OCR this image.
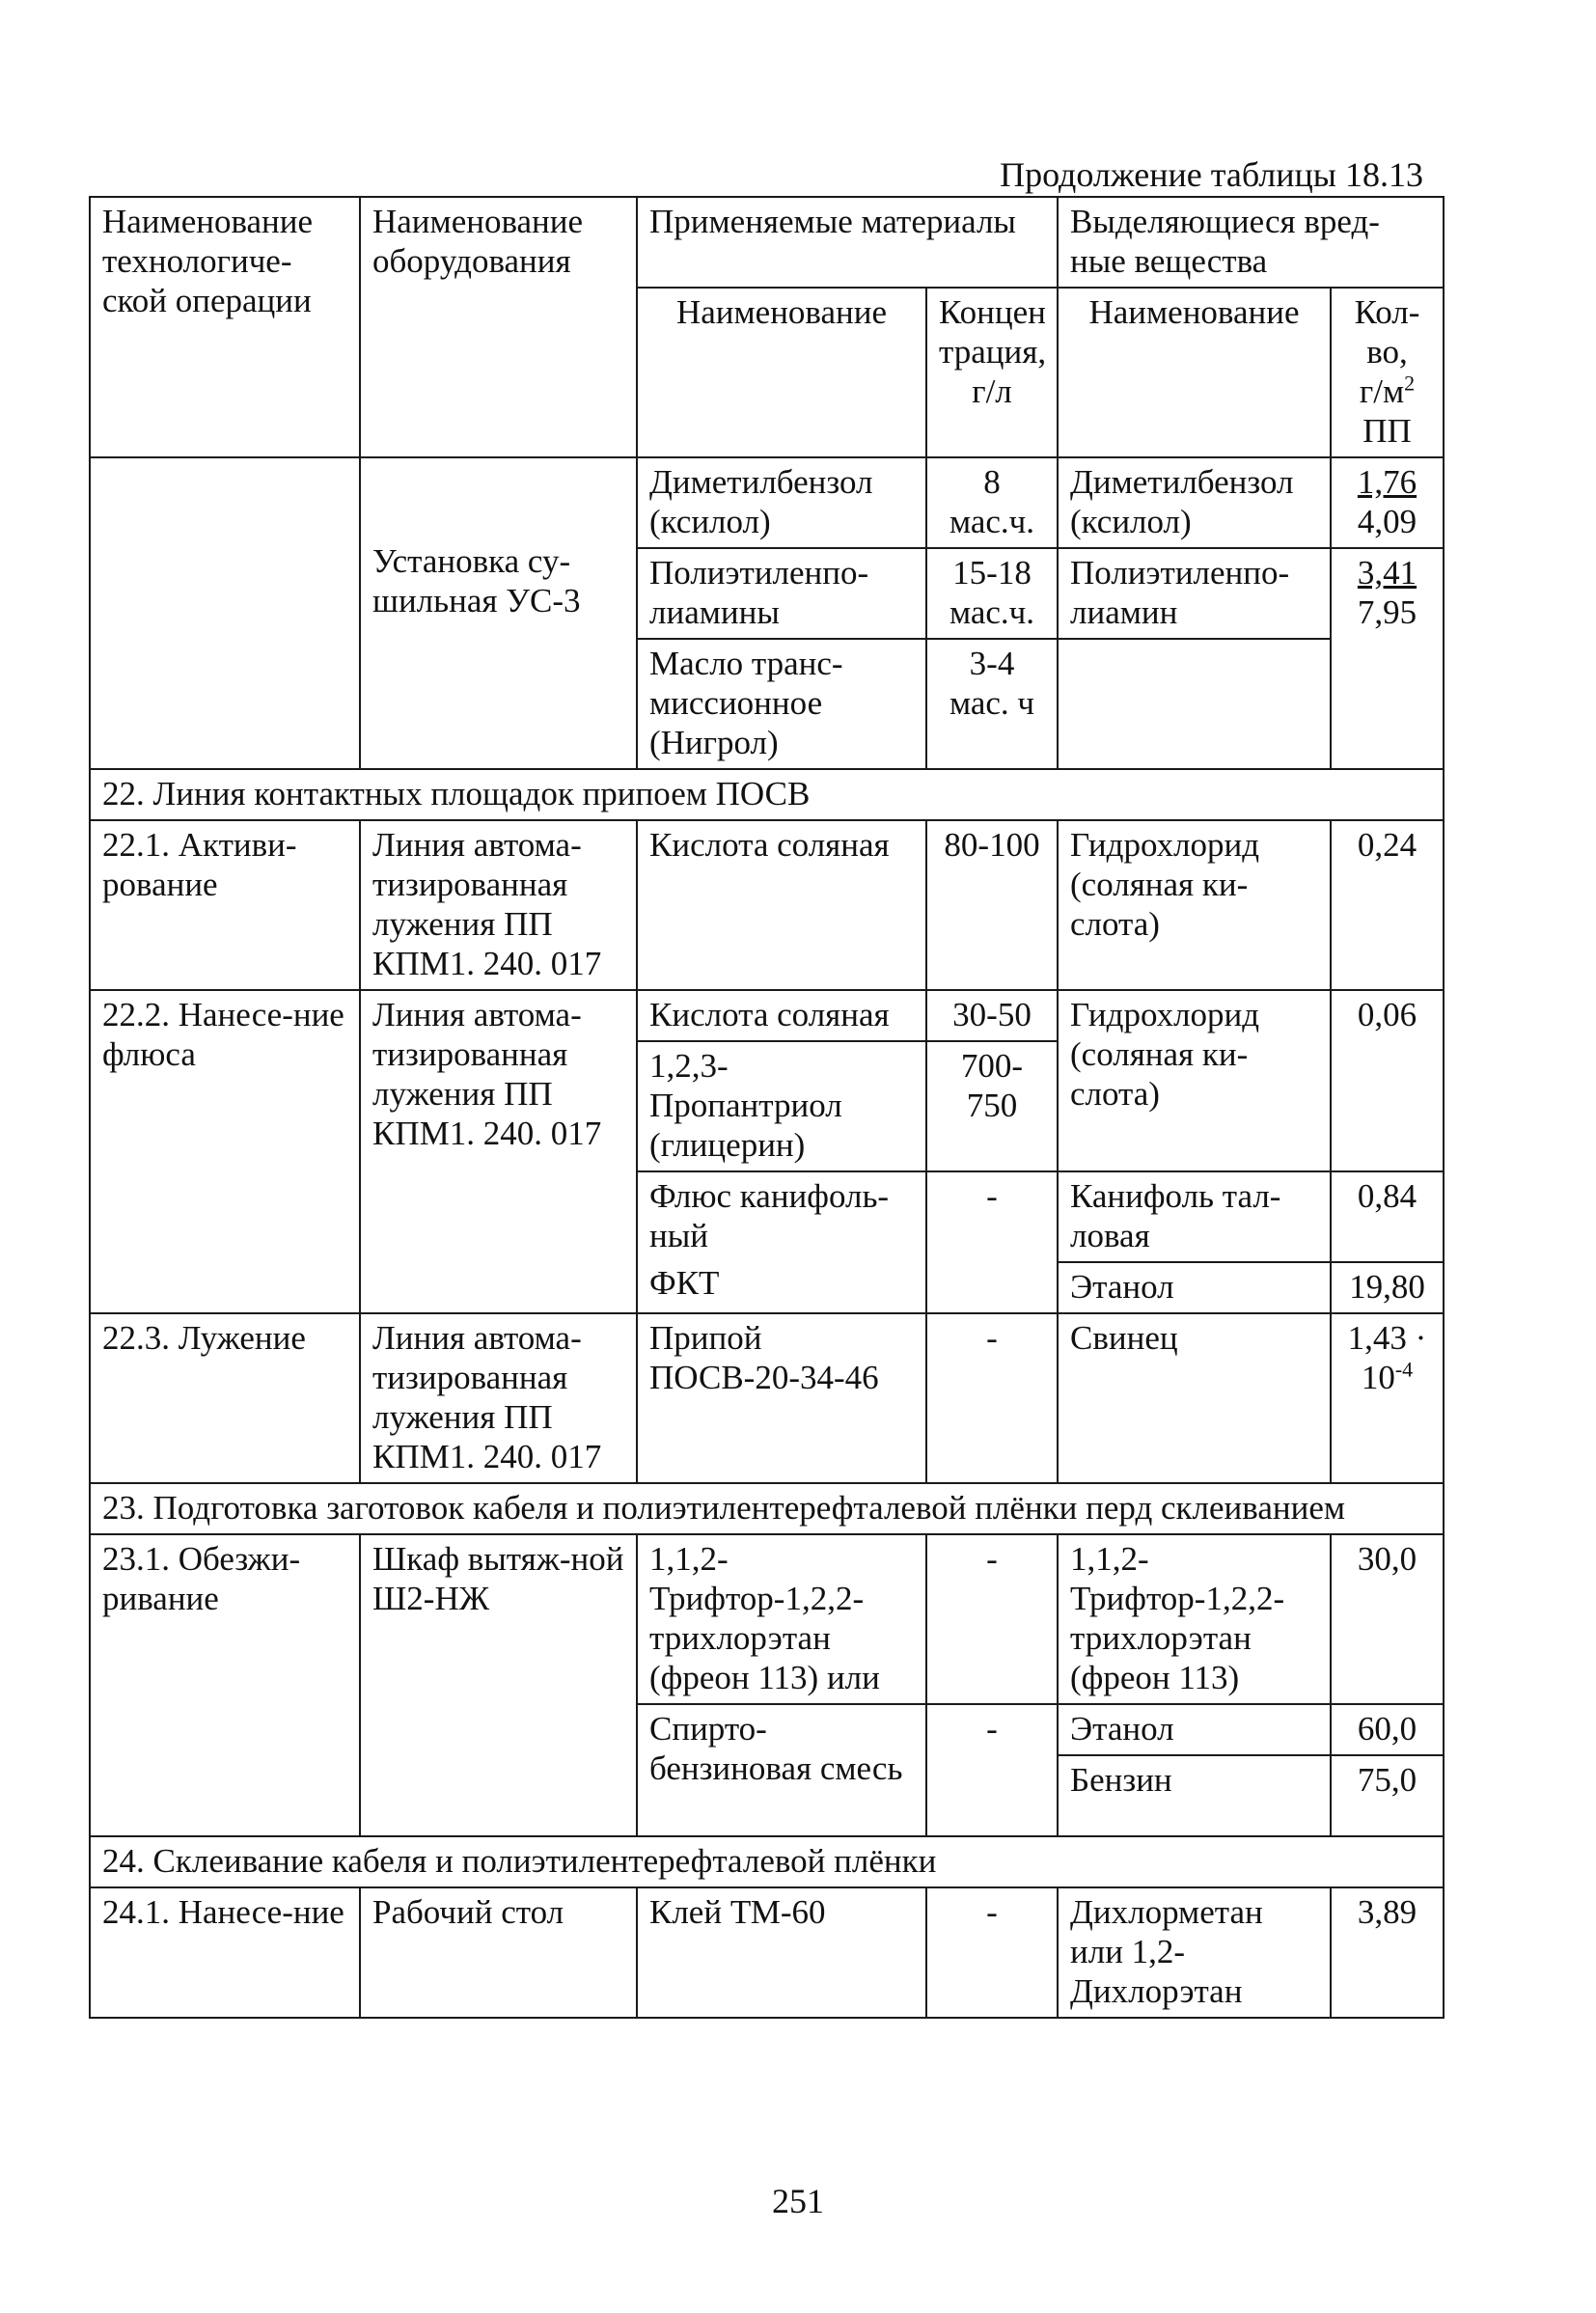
Продолжение таблицы 18.13
Наименование технологиче-ской операции	Наименование оборудования	Применяемые материалы		Выделяющиеся вред-ные вещества	
		Наименование	Концен трация, г/л	Наименование	Кол-во,
$г/м^2$
ПП

	Установка су-шильная УС-3	Диметилбензол (ксилол)	8 мас.ч.	Диметилбензол (ксилол)	1,76
4,09

		Полиэтиленпо-лиамины	15-18 мас.ч.	Полиэтиленпо-лиамин	3,41
7,95

		Масло транс-миссионное (Нигрол)	3-4 мас. ч		
22. Линия контактных площадок припоем ПОСВ					
22.1. Активи-рование	Линия автома-тизированная лужения ПП КПМ1. 240. 017	Кислота соляная	80-100	Гидрохлорид (соляная ки-слота)	0,24
22.2. Нанесе-ние флюса	Линия автома-тизированная лужения ПП КПМ1. 240. 017	Кислота соляная	30-50	Гидрохлорид (соляная ки-слота)	0,06
		1,2,3-Пропантриол (глицерин)	700-750		

		Флюс канифоль-ный
ФКТ	-	Канифоль тал-ловая	0,84
				Этанол	19,80
22.3. Лужение	Линия автома-тизированная лужения ПП КПМ1. 240. 017	Припой ПОСВ-20-34-46	-	Свинец	1,43 ·
$10^{-4}$
23. Подготовка заготовок кабеля и полиэтилентерефталевой плёнки перд склеиванием					
23.1. Обезжи-ривание	Шкаф вытяж-ной Ш2-НЖ	1,1,2-Трифтор-1,2,2-трихлорэтан (фреон 113) или	-	1,1,2-Трифтор-1,2,2-трихлорэтан (фреон 113)	30,0
		Спирто-бензиновая смесь	-	Этанол	60,0
				Бензин	75,0
24. Склеивание кабеля и полиэтилентерефталевой плёнки					
24.1. Нанесе-ние	Рабочий стол	Клей ТМ-60	-	Дихлорметан или 1,2-Дихлорэтан	3,89
251
